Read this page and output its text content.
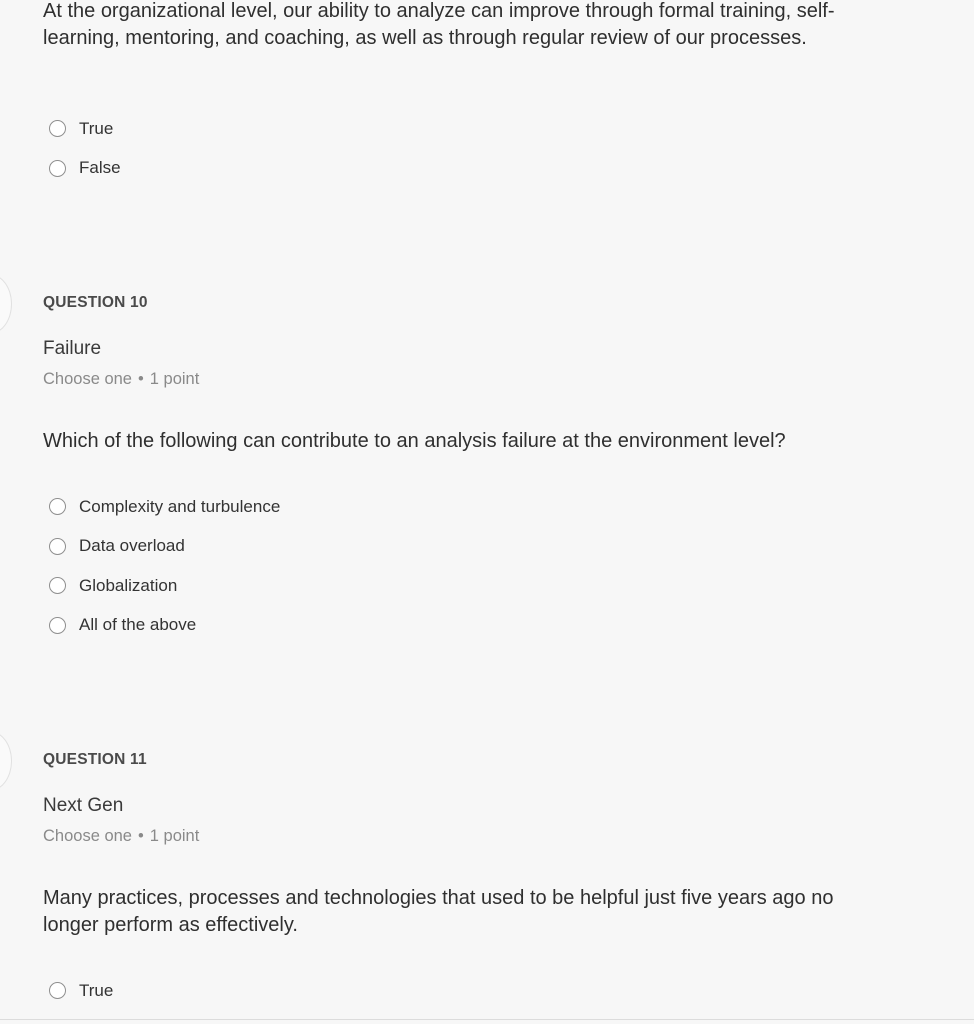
At the organizational level, our ability to analyze can improve through formal training, self-learning, mentoring, and coaching, as well as through regular review of our processes.

True
False

QUESTION 10

Failure

Choose one • 1 point

Which of the following can contribute to an analysis failure at the environment level?

Complexity and turbulence
Data overload
Globalization
All of the above

QUESTION 11

Next Gen

Choose one • 1 point

Many practices, processes and technologies that used to be helpful just five years ago no longer perform as effectively.

True
